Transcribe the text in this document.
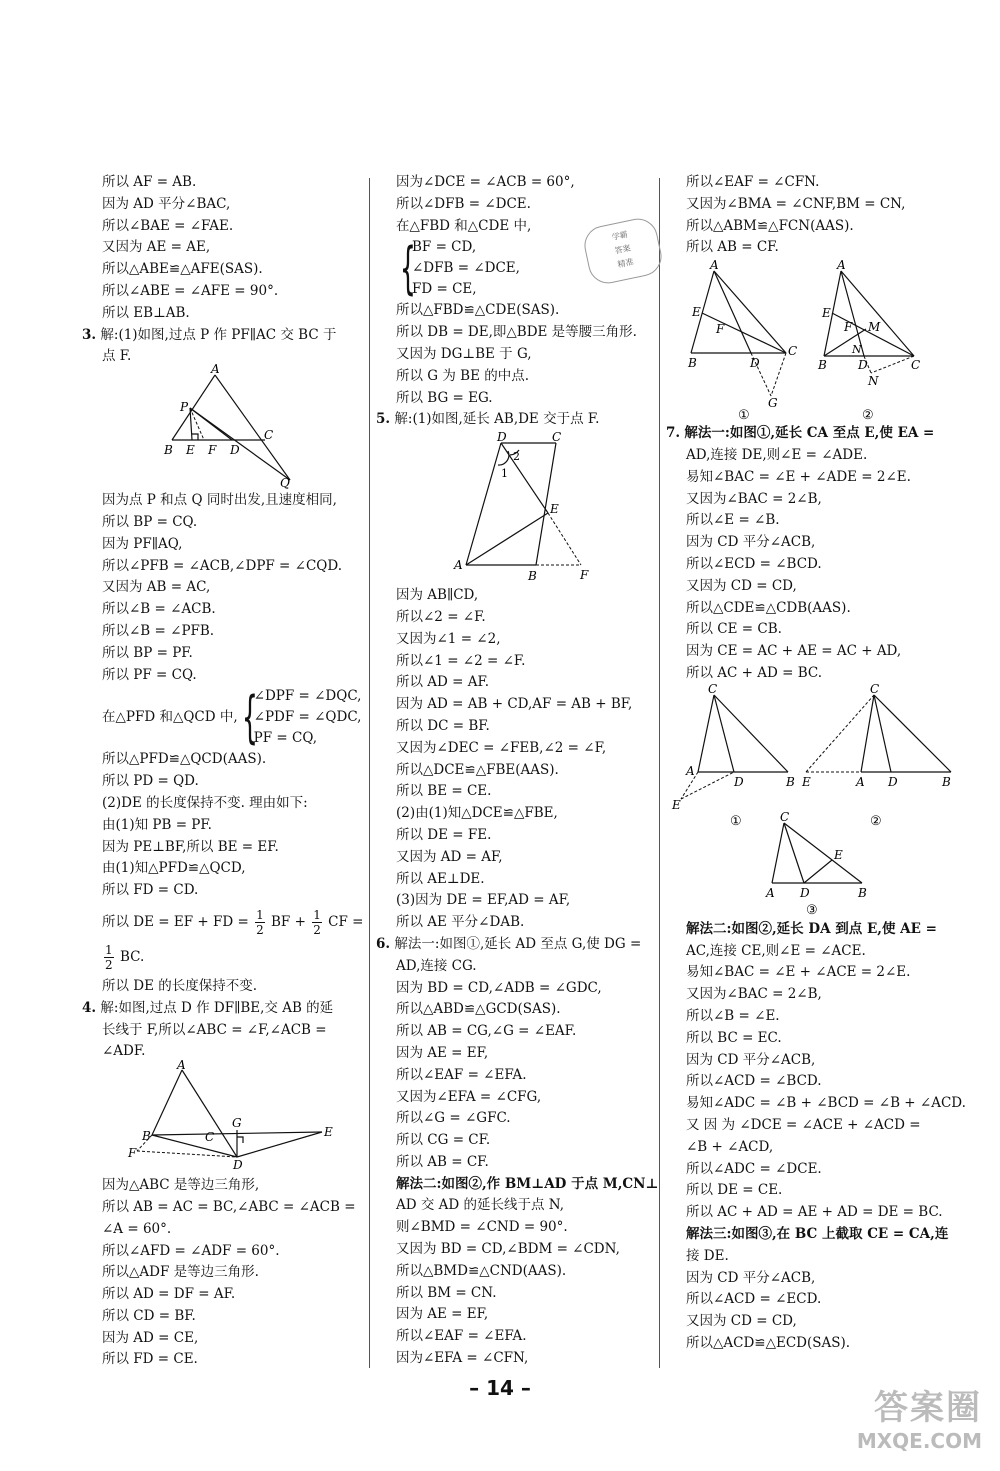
学霸
答案
精准
所以 AF = AB.
因为 AD 平分∠BAC,
所以∠BAE = ∠FAE.
又因为 AE = AE,
所以△ABE≌△AFE(SAS).
所以∠ABE = ∠AFE = 90°.
所以 EB⊥AB.
3. 解:(1)如图,过点 P 作 PF∥AC 交 BC 于
点 F.
A
P
B E F D
C
Q
因为点 P 和点 Q 同时出发,且速度相同,
所以 BP = CQ.
因为 PF∥AQ,
所以∠PFB = ∠ACB,∠DPF = ∠CQD.
又因为 AB = AC,
所以∠B = ∠ACB.
所以∠B = ∠PFB.
所以 BP = PF.
所以 PF = CQ.
在△PFD 和△QCD 中, {
∠DPF = ∠DQC,
∠PDF = ∠QDC,
PF = CQ,
所以△PFD≌△QCD(AAS).
所以 PD = QD.
(2)DE 的长度保持不变. 理由如下:
由(1)知 PB = PF.
因为 PE⊥BF,所以 BE = EF.
由(1)知△PFD≌△QCD,
所以 FD = CD.
所以 DE = EF + FD = $\frac{1}{2}$ BF + $\frac{1}{2}$ CF =
$\frac{1}{2}$ BC.
所以 DE 的长度保持不变.
4. 解:如图,过点 D 作 DF∥BE,交 AB 的延
长线于 F,所以∠ABC = ∠F,∠ACB =
∠ADF.
A
B	C
G
E
F
D
因为△ABC 是等边三角形,
所以 AB = AC = BC,∠ABC = ∠ACB =
∠A = 60°.
所以∠AFD = ∠ADF = 60°.
所以△ADF 是等边三角形.
所以 AD = DF = AF.
所以 CD = BF.
因为 AD = CE,
所以 FD = CE.
因为∠DCE = ∠ACB = 60°,
所以∠DFB = ∠DCE.
在△FBD 和△CDE 中,
{
BF = CD,
∠DFB = ∠DCE,
FD = CE,
所以△FBD≌△CDE(SAS).
所以 DB = DE,即△BDE 是等腰三角形.
又因为 DG⊥BE 于 G,
所以 G 为 BE 的中点.
所以 BG = EG.
5. 解:(1)如图,延长 AB,DE 交于点 F.
D	C
2
1
E
A
B	F
因为 AB∥CD,
所以∠2 = ∠F.
又因为∠1 = ∠2,
所以∠1 = ∠2 = ∠F.
所以 AD = AF.
因为 AD = AB + CD,AF = AB + BF,
所以 DC = BF.
又因为∠DEC = ∠FEB,∠2 = ∠F,
所以△DCE≌△FBE(AAS).
所以 BE = CE.
(2)由(1)知△DCE≌△FBE,
所以 DE = FE.
又因为 AD = AF,
所以 AE⊥DE.
(3)因为 DE = EF,AD = AF,
所以 AE 平分∠DAB.
6. 解法一:如图①,延长 AD 至点 G,使 DG =
AD,连接 CG.
因为 BD = CD,∠ADB = ∠GDC,
所以△ABD≌△GCD(SAS).
所以 AB = CG,∠G = ∠EAF.
因为 AE = EF,
所以∠EAF = ∠EFA.
又因为∠EFA = ∠CFG,
所以∠G = ∠GFC.
所以 CG = CF.
所以 AB = CF.
解法二:如图②,作 BM⊥AD 于点 M,CN⊥
AD 交 AD 的延长线于点 N,
则∠BMD = ∠CND = 90°.
又因为 BD = CD,∠BDM = ∠CDN,
所以△BMD≌△CND(AAS).
所以 BM = CN.
因为 AE = EF,
所以∠EAF = ∠EFA.
因为∠EFA = ∠CFN,
所以∠EAF = ∠CFN.
又因为∠BMA = ∠CNF,BM = CN,
所以△ABM≌△FCN(AAS).
所以 AB = CF.
A
E
F
B	D
C
G
①
A
E
F M
B
N
D	C
N
②
7. 解法一:如图①,延长 CA 至点 E,使 EA =
AD,连接 DE,则∠E = ∠ADE.
易知∠BAC = ∠E + ∠ADE = 2∠E.
又因为∠BAC = 2∠B,
所以∠E = ∠B.
因为 CD 平分∠ACB,
所以∠ECD = ∠BCD.
又因为 CD = CD,
所以△CDE≌△CDB(AAS).
所以 CE = CB.
因为 CE = AC + AE = AC + AD,
所以 AC + AD = BC.
C
A
D	B
E
①
C
E	A D	B
②
C
E
A D	B
③
解法二:如图②,延长 DA 到点 E,使 AE =
AC,连接 CE,则∠E = ∠ACE.
易知∠BAC = ∠E + ∠ACE = 2∠E.
又因为∠BAC = 2∠B,
所以∠B = ∠E.
所以 BC = EC.
因为 CD 平分∠ACB,
所以∠ACD = ∠BCD.
易知∠ADC = ∠B + ∠BCD = ∠B + ∠ACD.
又 因 为 ∠DCE = ∠ACE + ∠ACD =
∠B + ∠ACD,
所以∠ADC = ∠DCE.
所以 DE = CE.
所以 AC + AD = AE + AD = DE = BC.
解法三:如图③,在 BC 上截取 CE = CA,连
接 DE.
因为 CD 平分∠ACB,
所以∠ACD = ∠ECD.
又因为 CD = CD,
所以△ACD≌△ECD(SAS).
– 14 –	答案圈
MXQE.COM
